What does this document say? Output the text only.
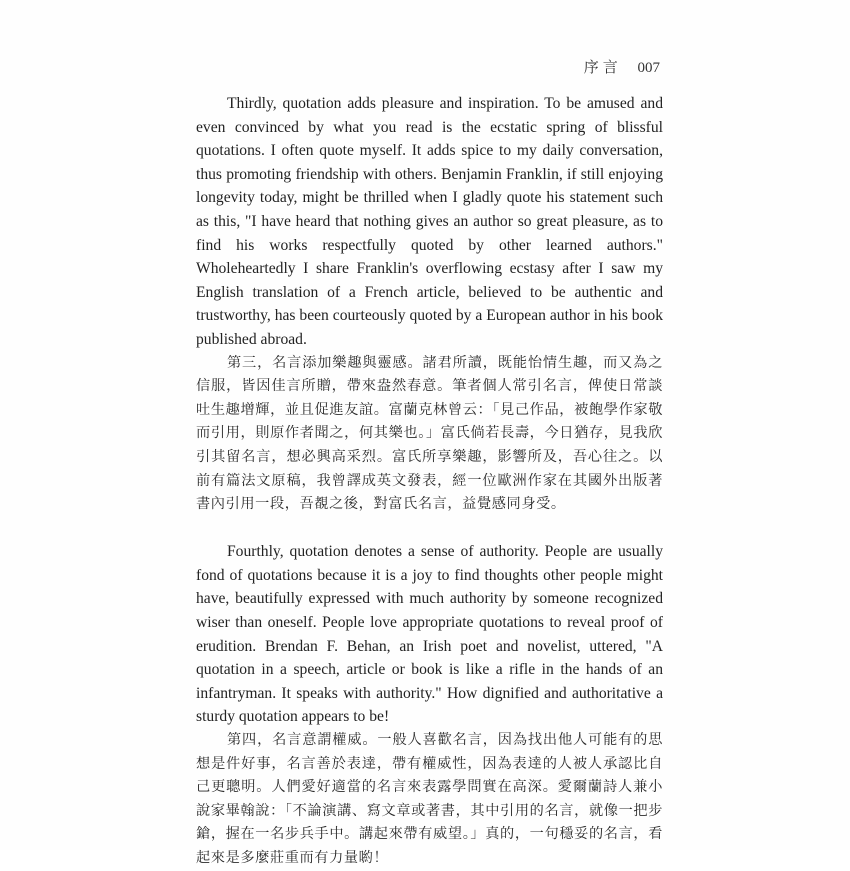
序言 007

Thirdly, quotation adds pleasure and inspiration. To be amused and even convinced by what you read is the ecstatic spring of blissful quotations. I often quote myself. It adds spice to my daily conversation, thus promoting friendship with others. Benjamin Franklin, if still enjoying longevity today, might be thrilled when I gladly quote his statement such as this, "I have heard that nothing gives an author so great pleasure, as to find his works respectfully quoted by other learned authors." Wholeheartedly I share Franklin's overflowing ecstasy after I saw my English translation of a French article, believed to be authentic and trustworthy, has been courteously quoted by a European author in his book published abroad.

第三，名言添加樂趣與靈感。諸君所讀，既能怡情生趣，而又為之信服，皆因佳言所贈，帶來盎然春意。筆者個人常引名言，俾使日常談吐生趣增輝，並且促進友誼。富蘭克林曾云：「見己作品，被飽學作家敬而引用，則原作者聞之，何其樂也。」富氏倘若長壽，今日猶存，見我欣引其留名言，想必興高采烈。富氏所享樂趣，影響所及，吾心往之。以前有篇法文原稿，我曾譯成英文發表，經一位歐洲作家在其國外出版著書內引用一段，吾覩之後，對富氏名言，益覺感同身受。

Fourthly, quotation denotes a sense of authority. People are usually fond of quotations because it is a joy to find thoughts other people might have, beautifully expressed with much authority by someone recognized wiser than oneself. People love appropriate quotations to reveal proof of erudition. Brendan F. Behan, an Irish poet and novelist, uttered, "A quotation in a speech, article or book is like a rifle in the hands of an infantryman. It speaks with authority." How dignified and authoritative a sturdy quotation appears to be!

第四，名言意謂權威。一般人喜歡名言，因為找出他人可能有的思想是件好事，名言善於表達，帶有權威性，因為表達的人被人承認比自己更聰明。人們愛好適當的名言來表露學問實在高深。愛爾蘭詩人兼小說家畢翰說：「不論演講、寫文章或著書，其中引用的名言，就像一把步鎗，握在一名步兵手中。講起來帶有威望。」真的，一句穩妥的名言，看起來是多麼莊重而有力量喲！
